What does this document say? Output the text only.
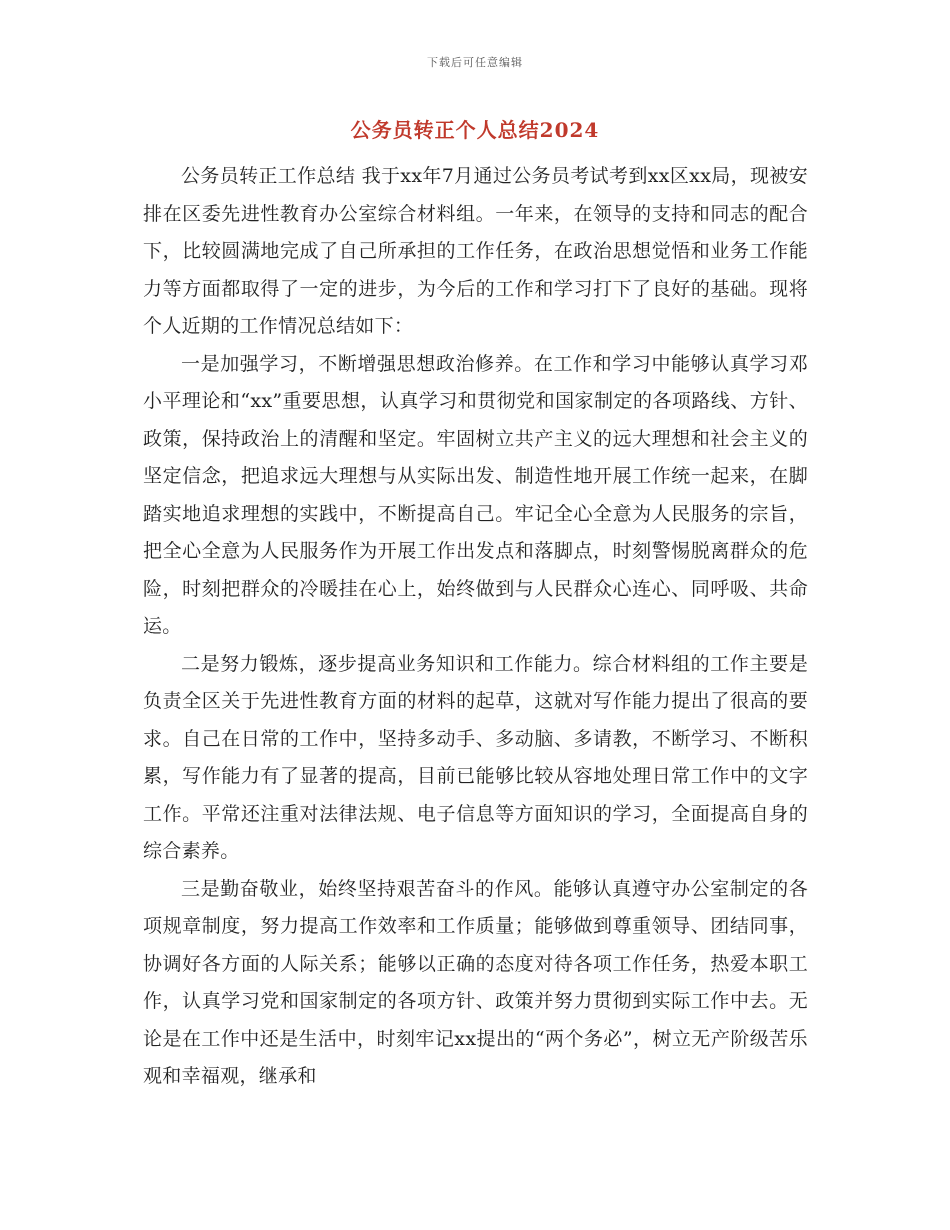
下载后可任意编辑
公务员转正个人总结2024

公务员转正工作总结 我于xx年7月通过公务员考试考到xx区xx局，现被安排在区委先进性教育办公室综合材料组。一年来，在领导的支持和同志的配合下，比较圆满地完成了自己所承担的工作任务，在政治思想觉悟和业务工作能力等方面都取得了一定的进步，为今后的工作和学习打下了良好的基础。现将个人近期的工作情况总结如下：

一是加强学习，不断增强思想政治修养。在工作和学习中能够认真学习邓小平理论和“xx”重要思想，认真学习和贯彻党和国家制定的各项路线、方针、政策，保持政治上的清醒和坚定。牢固树立共产主义的远大理想和社会主义的坚定信念，把追求远大理想与从实际出发、制造性地开展工作统一起来，在脚踏实地追求理想的实践中，不断提高自己。牢记全心全意为人民服务的宗旨，把全心全意为人民服务作为开展工作出发点和落脚点，时刻警惕脱离群众的危险，时刻把群众的冷暖挂在心上，始终做到与人民群众心连心、同呼吸、共命运。

二是努力锻炼，逐步提高业务知识和工作能力。综合材料组的工作主要是负责全区关于先进性教育方面的材料的起草，这就对写作能力提出了很高的要求。自己在日常的工作中，坚持多动手、多动脑、多请教，不断学习、不断积累，写作能力有了显著的提高，目前已能够比较从容地处理日常工作中的文字工作。平常还注重对法律法规、电子信息等方面知识的学习，全面提高自身的综合素养。

三是勤奋敬业，始终坚持艰苦奋斗的作风。能够认真遵守办公室制定的各项规章制度，努力提高工作效率和工作质量；能够做到尊重领导、团结同事，协调好各方面的人际关系；能够以正确的态度对待各项工作任务，热爱本职工作，认真学习党和国家制定的各项方针、政策并努力贯彻到实际工作中去。无论是在工作中还是生活中，时刻牢记xx提出的“两个务必”，树立无产阶级苦乐观和幸福观，继承和
